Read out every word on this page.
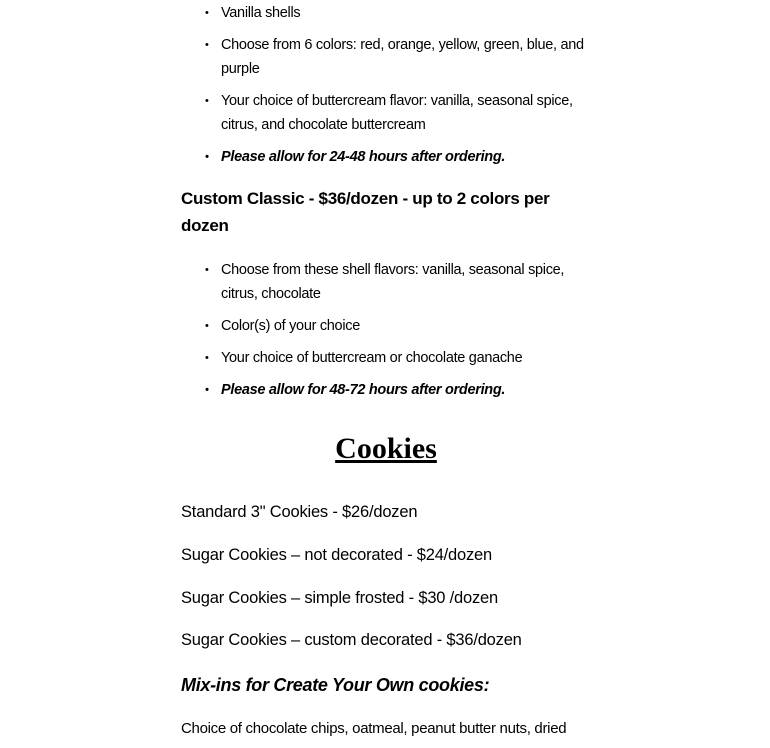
• Vanilla shells
• Choose from 6 colors: red, orange, yellow, green, blue, and purple
• Your choice of buttercream flavor: vanilla, seasonal spice, citrus, and chocolate buttercream
• Please allow for 24-48 hours after ordering.
Custom Classic - $36/dozen - up to 2 colors per dozen
• Choose from these shell flavors: vanilla, seasonal spice, citrus, chocolate
• Color(s) of your choice
• Your choice of buttercream or chocolate ganache
• Please allow for 48-72 hours after ordering.
Cookies

Standard 3" Cookies - $26/dozen

Sugar Cookies – not decorated - $24/dozen

Sugar Cookies – simple frosted - $30 /dozen

Sugar Cookies – custom decorated - $36/dozen

Mix-ins for Create Your Own cookies:

Choice of chocolate chips, oatmeal, peanut butter nuts, dried
